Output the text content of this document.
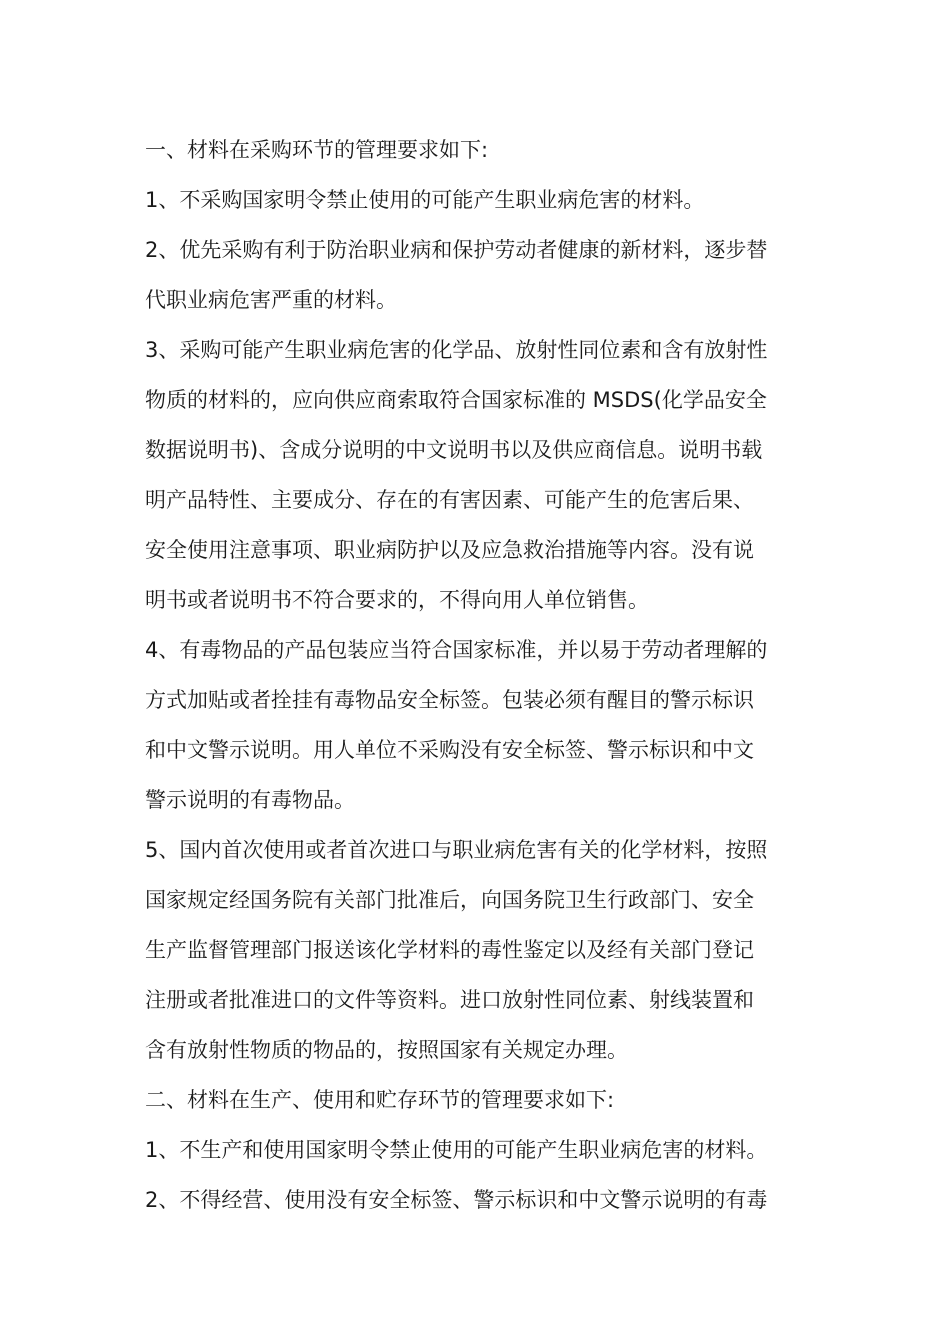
一、材料在采购环节的管理要求如下:
1、不采购国家明令禁止使用的可能产生职业病危害的材料。
2、优先采购有利于防治职业病和保护劳动者健康的新材料，逐步替
代职业病危害严重的材料。
3、采购可能产生职业病危害的化学品、放射性同位素和含有放射性
物质的材料的，应向供应商索取符合国家标准的 MSDS(化学品安全
数据说明书)、含成分说明的中文说明书以及供应商信息。说明书载
明产品特性、主要成分、存在的有害因素、可能产生的危害后果、
安全使用注意事项、职业病防护以及应急救治措施等内容。没有说
明书或者说明书不符合要求的，不得向用人单位销售。
4、有毒物品的产品包装应当符合国家标准，并以易于劳动者理解的
方式加贴或者拴挂有毒物品安全标签。包装必须有醒目的警示标识
和中文警示说明。用人单位不采购没有安全标签、警示标识和中文
警示说明的有毒物品。
5、国内首次使用或者首次进口与职业病危害有关的化学材料，按照
国家规定经国务院有关部门批准后，向国务院卫生行政部门、安全
生产监督管理部门报送该化学材料的毒性鉴定以及经有关部门登记
注册或者批准进口的文件等资料。进口放射性同位素、射线装置和
含有放射性物质的物品的，按照国家有关规定办理。
二、材料在生产、使用和贮存环节的管理要求如下:
1、不生产和使用国家明令禁止使用的可能产生职业病危害的材料。
2、不得经营、使用没有安全标签、警示标识和中文警示说明的有毒
